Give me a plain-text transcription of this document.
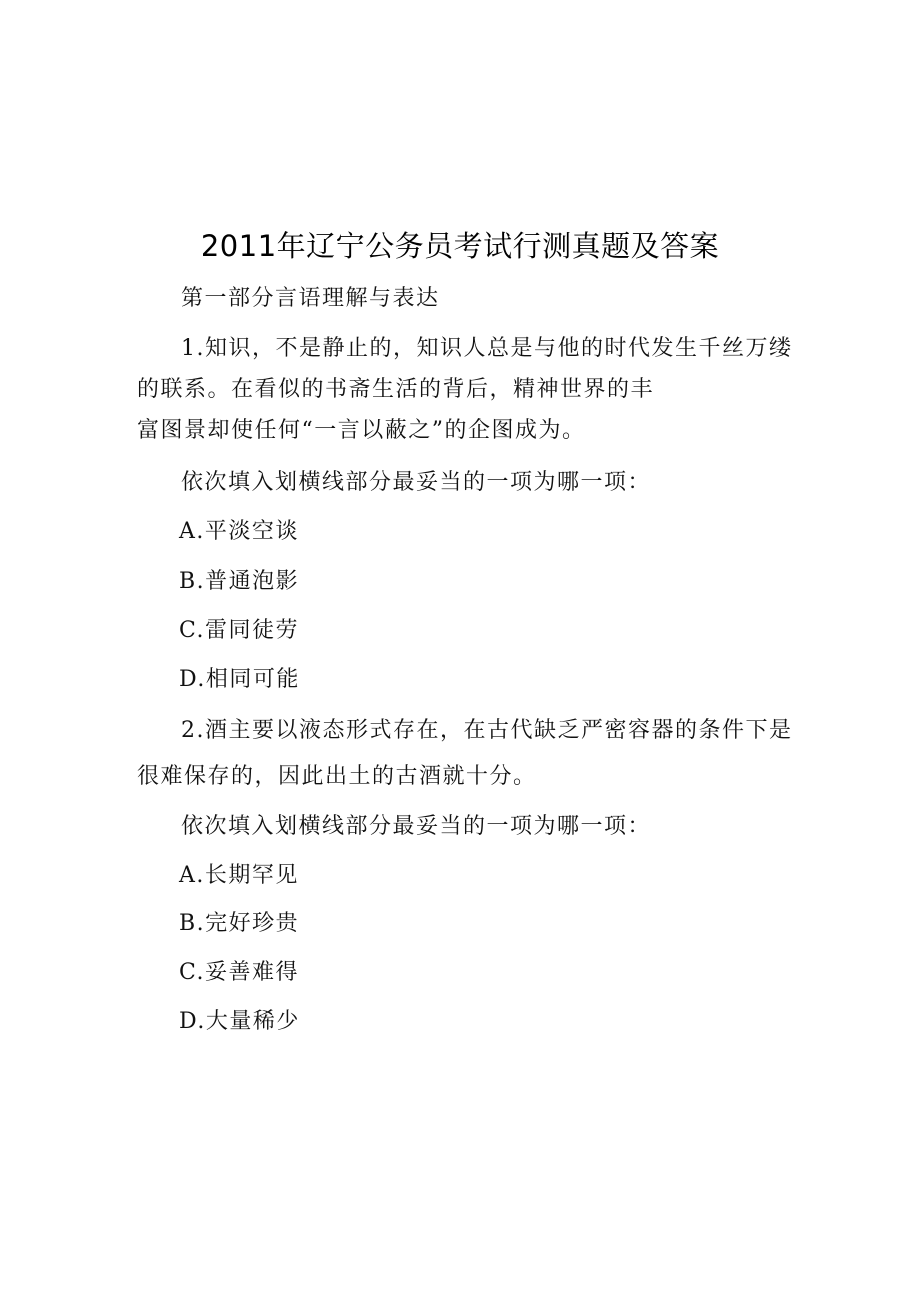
2011年辽宁公务员考试行测真题及答案
第一部分言语理解与表达
1.知识，不是静止的，知识人总是与他的时代发生千丝万缕
的联系。在看似的书斋生活的背后，精神世界的丰
富图景却使任何“一言以蔽之”的企图成为。
依次填入划横线部分最妥当的一项为哪一项：
A.平淡空谈
B.普通泡影
C.雷同徒劳
D.相同可能
2.酒主要以液态形式存在，在古代缺乏严密容器的条件下是
很难保存的，因此出土的古酒就十分。
依次填入划横线部分最妥当的一项为哪一项：
A.长期罕见
B.完好珍贵
C.妥善难得
D.大量稀少
